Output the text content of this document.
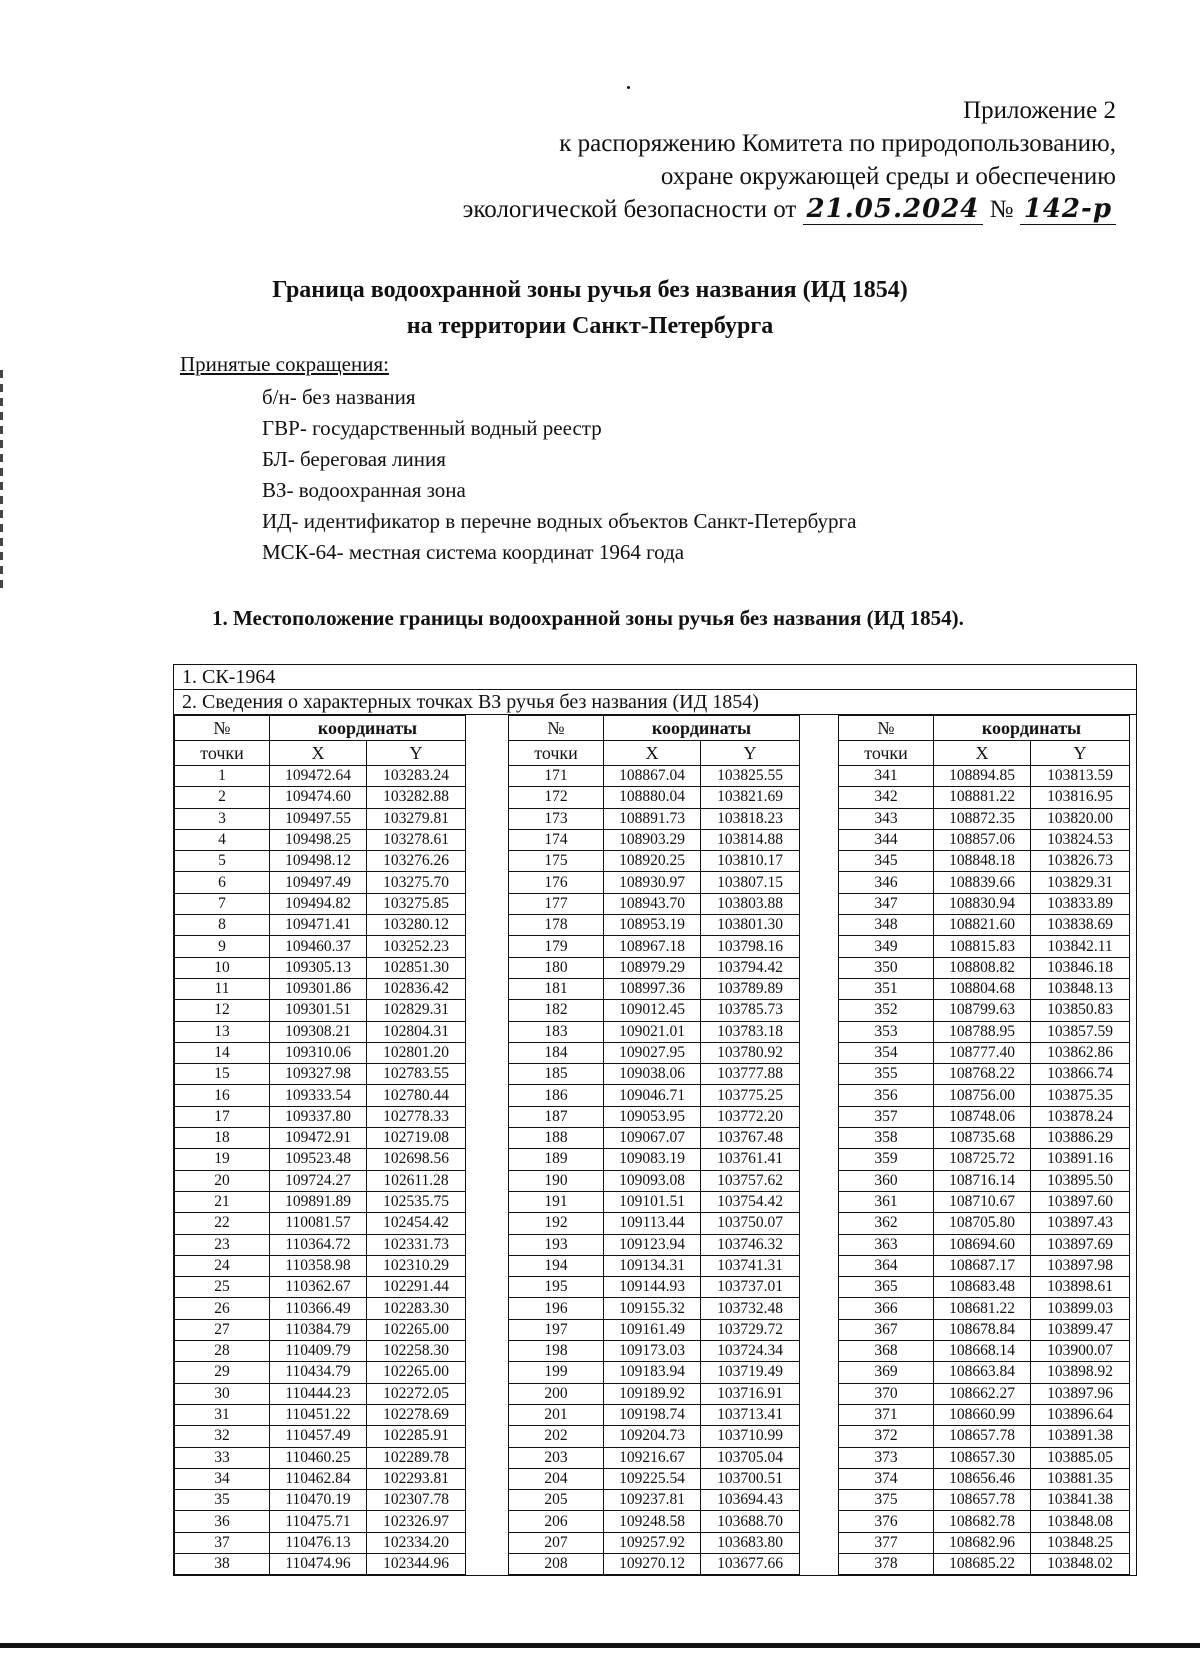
Приложение 2
к распоряжению Комитета по природопользованию,
охране окружающей среды и обеспечению
экологической безопасности от 21.05.2024 № 142-р
Граница водоохранной зоны ручья без названия (ИД 1854)
на территории Санкт-Петербурга
Принятые сокращения:
б/н- без названия
ГВР- государственный водный реестр
БЛ- береговая линия
ВЗ- водоохранная зона
ИД- идентификатор в перечне водных объектов Санкт-Петербурга
МСК-64- местная система координат 1964 года
1. Местоположение границы водоохранной зоны ручья без названия (ИД 1854).
1. СК-1964
2. Сведения о характерных точках ВЗ ручья без названия (ИД 1854)
№	координаты	
точки	X	Y
1	109472.64	103283.24
2	109474.60	103282.88
3	109497.55	103279.81
4	109498.25	103278.61
5	109498.12	103276.26
6	109497.49	103275.70
7	109494.82	103275.85
8	109471.41	103280.12
9	109460.37	103252.23
10	109305.13	102851.30
11	109301.86	102836.42
12	109301.51	102829.31
13	109308.21	102804.31
14	109310.06	102801.20
15	109327.98	102783.55
16	109333.54	102780.44
17	109337.80	102778.33
18	109472.91	102719.08
19	109523.48	102698.56
20	109724.27	102611.28
21	109891.89	102535.75
22	110081.57	102454.42
23	110364.72	102331.73
24	110358.98	102310.29
25	110362.67	102291.44
26	110366.49	102283.30
27	110384.79	102265.00
28	110409.79	102258.30
29	110434.79	102265.00
30	110444.23	102272.05
31	110451.22	102278.69
32	110457.49	102285.91
33	110460.25	102289.78
34	110462.84	102293.81
35	110470.19	102307.78
36	110475.71	102326.97
37	110476.13	102334.20
38	110474.96	102344.96
№	координаты	
точки	X	Y
171	108867.04	103825.55
172	108880.04	103821.69
173	108891.73	103818.23
174	108903.29	103814.88
175	108920.25	103810.17
176	108930.97	103807.15
177	108943.70	103803.88
178	108953.19	103801.30
179	108967.18	103798.16
180	108979.29	103794.42
181	108997.36	103789.89
182	109012.45	103785.73
183	109021.01	103783.18
184	109027.95	103780.92
185	109038.06	103777.88
186	109046.71	103775.25
187	109053.95	103772.20
188	109067.07	103767.48
189	109083.19	103761.41
190	109093.08	103757.62
191	109101.51	103754.42
192	109113.44	103750.07
193	109123.94	103746.32
194	109134.31	103741.31
195	109144.93	103737.01
196	109155.32	103732.48
197	109161.49	103729.72
198	109173.03	103724.34
199	109183.94	103719.49
200	109189.92	103716.91
201	109198.74	103713.41
202	109204.73	103710.99
203	109216.67	103705.04
204	109225.54	103700.51
205	109237.81	103694.43
206	109248.58	103688.70
207	109257.92	103683.80
208	109270.12	103677.66
№	координаты	
точки	X	Y
341	108894.85	103813.59
342	108881.22	103816.95
343	108872.35	103820.00
344	108857.06	103824.53
345	108848.18	103826.73
346	108839.66	103829.31
347	108830.94	103833.89
348	108821.60	103838.69
349	108815.83	103842.11
350	108808.82	103846.18
351	108804.68	103848.13
352	108799.63	103850.83
353	108788.95	103857.59
354	108777.40	103862.86
355	108768.22	103866.74
356	108756.00	103875.35
357	108748.06	103878.24
358	108735.68	103886.29
359	108725.72	103891.16
360	108716.14	103895.50
361	108710.67	103897.60
362	108705.80	103897.43
363	108694.60	103897.69
364	108687.17	103897.98
365	108683.48	103898.61
366	108681.22	103899.03
367	108678.84	103899.47
368	108668.14	103900.07
369	108663.84	103898.92
370	108662.27	103897.96
371	108660.99	103896.64
372	108657.78	103891.38
373	108657.30	103885.05
374	108656.46	103881.35
375	108657.78	103841.38
376	108682.78	103848.08
377	108682.96	103848.25
378	108685.22	103848.02
